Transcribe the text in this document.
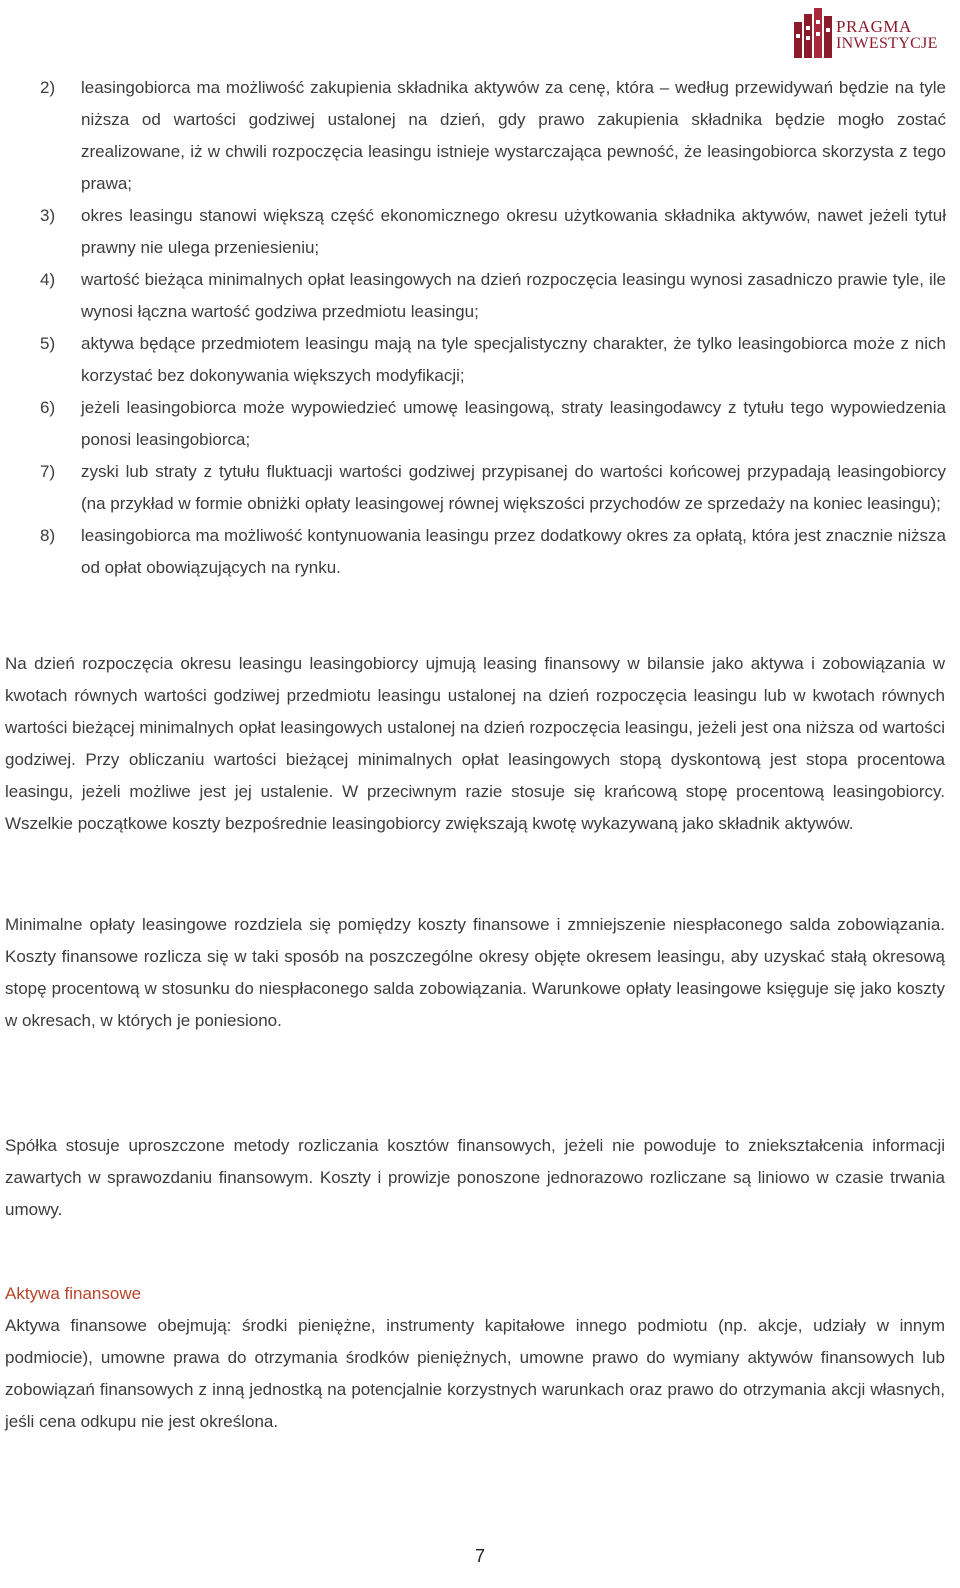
PRAGMA
INWESTYCJE
2) leasingobiorca ma możliwość zakupienia składnika aktywów za cenę, która – według przewidywań będzie na tyle niższa od wartości godziwej ustalonej na dzień, gdy prawo zakupienia składnika będzie mogło zostać zrealizowane, iż w chwili rozpoczęcia leasingu istnieje wystarczająca pewność, że leasingobiorca skorzysta z tego prawa;
3) okres leasingu stanowi większą część ekonomicznego okresu użytkowania składnika aktywów, nawet jeżeli tytuł prawny nie ulega przeniesieniu;
4) wartość bieżąca minimalnych opłat leasingowych na dzień rozpoczęcia leasingu wynosi zasadniczo prawie tyle, ile wynosi łączna wartość godziwa przedmiotu leasingu;
5) aktywa będące przedmiotem leasingu mają na tyle specjalistyczny charakter, że tylko leasingobiorca może z nich korzystać bez dokonywania większych modyfikacji;
6) jeżeli leasingobiorca może wypowiedzieć umowę leasingową, straty leasingodawcy z tytułu tego wypowiedzenia ponosi leasingobiorca;
7) zyski lub straty z tytułu fluktuacji wartości godziwej przypisanej do wartości końcowej przypadają leasingobiorcy (na przykład w formie obniżki opłaty leasingowej równej większości przychodów ze sprzedaży na koniec leasingu);
8) leasingobiorca ma możliwość kontynuowania leasingu przez dodatkowy okres za opłatą, która jest znacznie niższa od opłat obowiązujących na rynku.

Na dzień rozpoczęcia okresu leasingu leasingobiorcy ujmują leasing finansowy w bilansie jako aktywa i zobowiązania w kwotach równych wartości godziwej przedmiotu leasingu ustalonej na dzień rozpoczęcia leasingu lub w kwotach równych wartości bieżącej minimalnych opłat leasingowych ustalonej na dzień rozpoczęcia leasingu, jeżeli jest ona niższa od wartości godziwej. Przy obliczaniu wartości bieżącej minimalnych opłat leasingowych stopą dyskontową jest stopa procentowa leasingu, jeżeli możliwe jest jej ustalenie. W przeciwnym razie stosuje się krańcową stopę procentową leasingobiorcy. Wszelkie początkowe koszty bezpośrednie leasingobiorcy zwiększają kwotę wykazywaną jako składnik aktywów.

Minimalne opłaty leasingowe rozdziela się pomiędzy koszty finansowe i zmniejszenie niespłaconego salda zobowiązania. Koszty finansowe rozlicza się w taki sposób na poszczególne okresy objęte okresem leasingu, aby uzyskać stałą okresową stopę procentową w stosunku do niespłaconego salda zobowiązania. Warunkowe opłaty leasingowe księguje się jako koszty w okresach, w których je poniesiono.

Spółka stosuje uproszczone metody rozliczania kosztów finansowych, jeżeli nie powoduje to zniekształcenia informacji zawartych w sprawozdaniu finansowym. Koszty i prowizje ponoszone jednorazowo rozliczane są liniowo w czasie trwania umowy.

Aktywa finansowe

Aktywa finansowe obejmują: środki pieniężne, instrumenty kapitałowe innego podmiotu (np. akcje, udziały w innym podmiocie), umowne prawa do otrzymania środków pieniężnych, umowne prawo do wymiany aktywów finansowych lub zobowiązań finansowych z inną jednostką na potencjalnie korzystnych warunkach oraz prawo do otrzymania akcji własnych, jeśli cena odkupu nie jest określona.

7
